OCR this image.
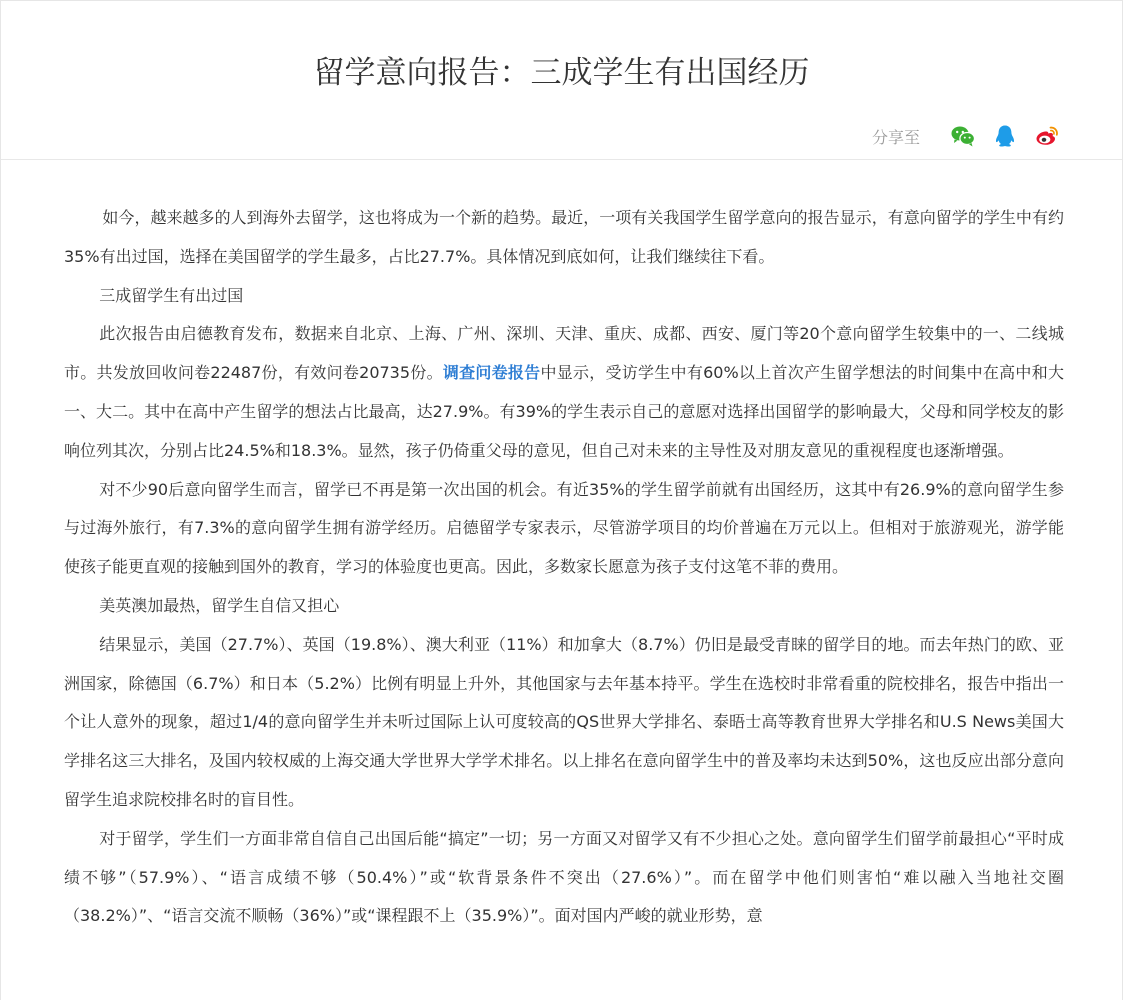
留学意向报告：三成学生有出国经历
分享至

如今，越来越多的人到海外去留学，这也将成为一个新的趋势。最近，一项有关我国学生留学意向的报告显示，有意向留学的学生中有约35%有出过国，选择在美国留学的学生最多，占比27.7%。具体情况到底如何，让我们继续往下看。

三成留学生有出过国

此次报告由启德教育发布，数据来自北京、上海、广州、深圳、天津、重庆、成都、西安、厦门等20个意向留学生较集中的一、二线城市。共发放回收问卷22487份，有效问卷20735份。调查问卷报告中显示，受访学生中有60%以上首次产生留学想法的时间集中在高中和大一、大二。其中在高中产生留学的想法占比最高，达27.9%。有39%的学生表示自己的意愿对选择出国留学的影响最大，父母和同学校友的影响位列其次，分别占比24.5%和18.3%。显然，孩子仍倚重父母的意见，但自己对未来的主导性及对朋友意见的重视程度也逐渐增强。

对不少90后意向留学生而言，留学已不再是第一次出国的机会。有近35%的学生留学前就有出国经历，这其中有26.9%的意向留学生参与过海外旅行，有7.3%的意向留学生拥有游学经历。启德留学专家表示，尽管游学项目的均价普遍在万元以上。但相对于旅游观光，游学能使孩子能更直观的接触到国外的教育，学习的体验度也更高。因此，多数家长愿意为孩子支付这笔不菲的费用。

美英澳加最热，留学生自信又担心

结果显示，美国（27.7%）、英国（19.8%）、澳大利亚（11%）和加拿大（8.7%）仍旧是最受青睐的留学目的地。而去年热门的欧、亚洲国家，除德国（6.7%）和日本（5.2%）比例有明显上升外，其他国家与去年基本持平。学生在选校时非常看重的院校排名，报告中指出一个让人意外的现象，超过1/4的意向留学生并未听过国际上认可度较高的QS世界大学排名、泰晤士高等教育世界大学排名和U.S News美国大学排名这三大排名，及国内较权威的上海交通大学世界大学学术排名。以上排名在意向留学生中的普及率均未达到50%，这也反应出部分意向留学生追求院校排名时的盲目性。

对于留学，学生们一方面非常自信自己出国后能“搞定”一切；另一方面又对留学又有不少担心之处。意向留学生们留学前最担心“平时成绩不够”（57.9%）、“语言成绩不够（50.4%）”或“软背景条件不突出（27.6%）”。而在留学中他们则害怕“难以融入当地社交圈（38.2%）”、“语言交流不顺畅（36%）”或“课程跟不上（35.9%）”。面对国内严峻的就业形势，意
